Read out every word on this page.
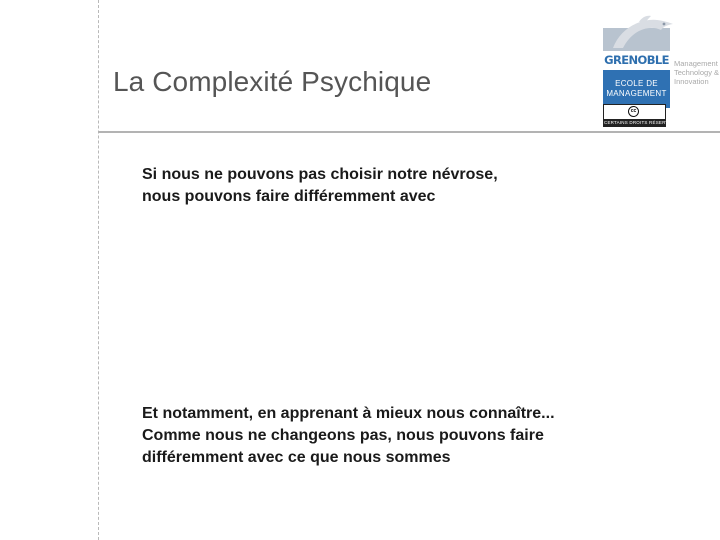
La Complexité Psychique
Si nous ne pouvons pas choisir notre névrose,
nous pouvons faire différemment avec
Et notamment, en apprenant à mieux nous connaître...
Comme nous ne changeons pas, nous pouvons faire
différemment avec ce que nous sommes
GRENOBLE
ECOLE DE
MANAGEMENT
Management
Technology &
Innovation
cc
CERTAINS DROITS RÉSERVÉS
